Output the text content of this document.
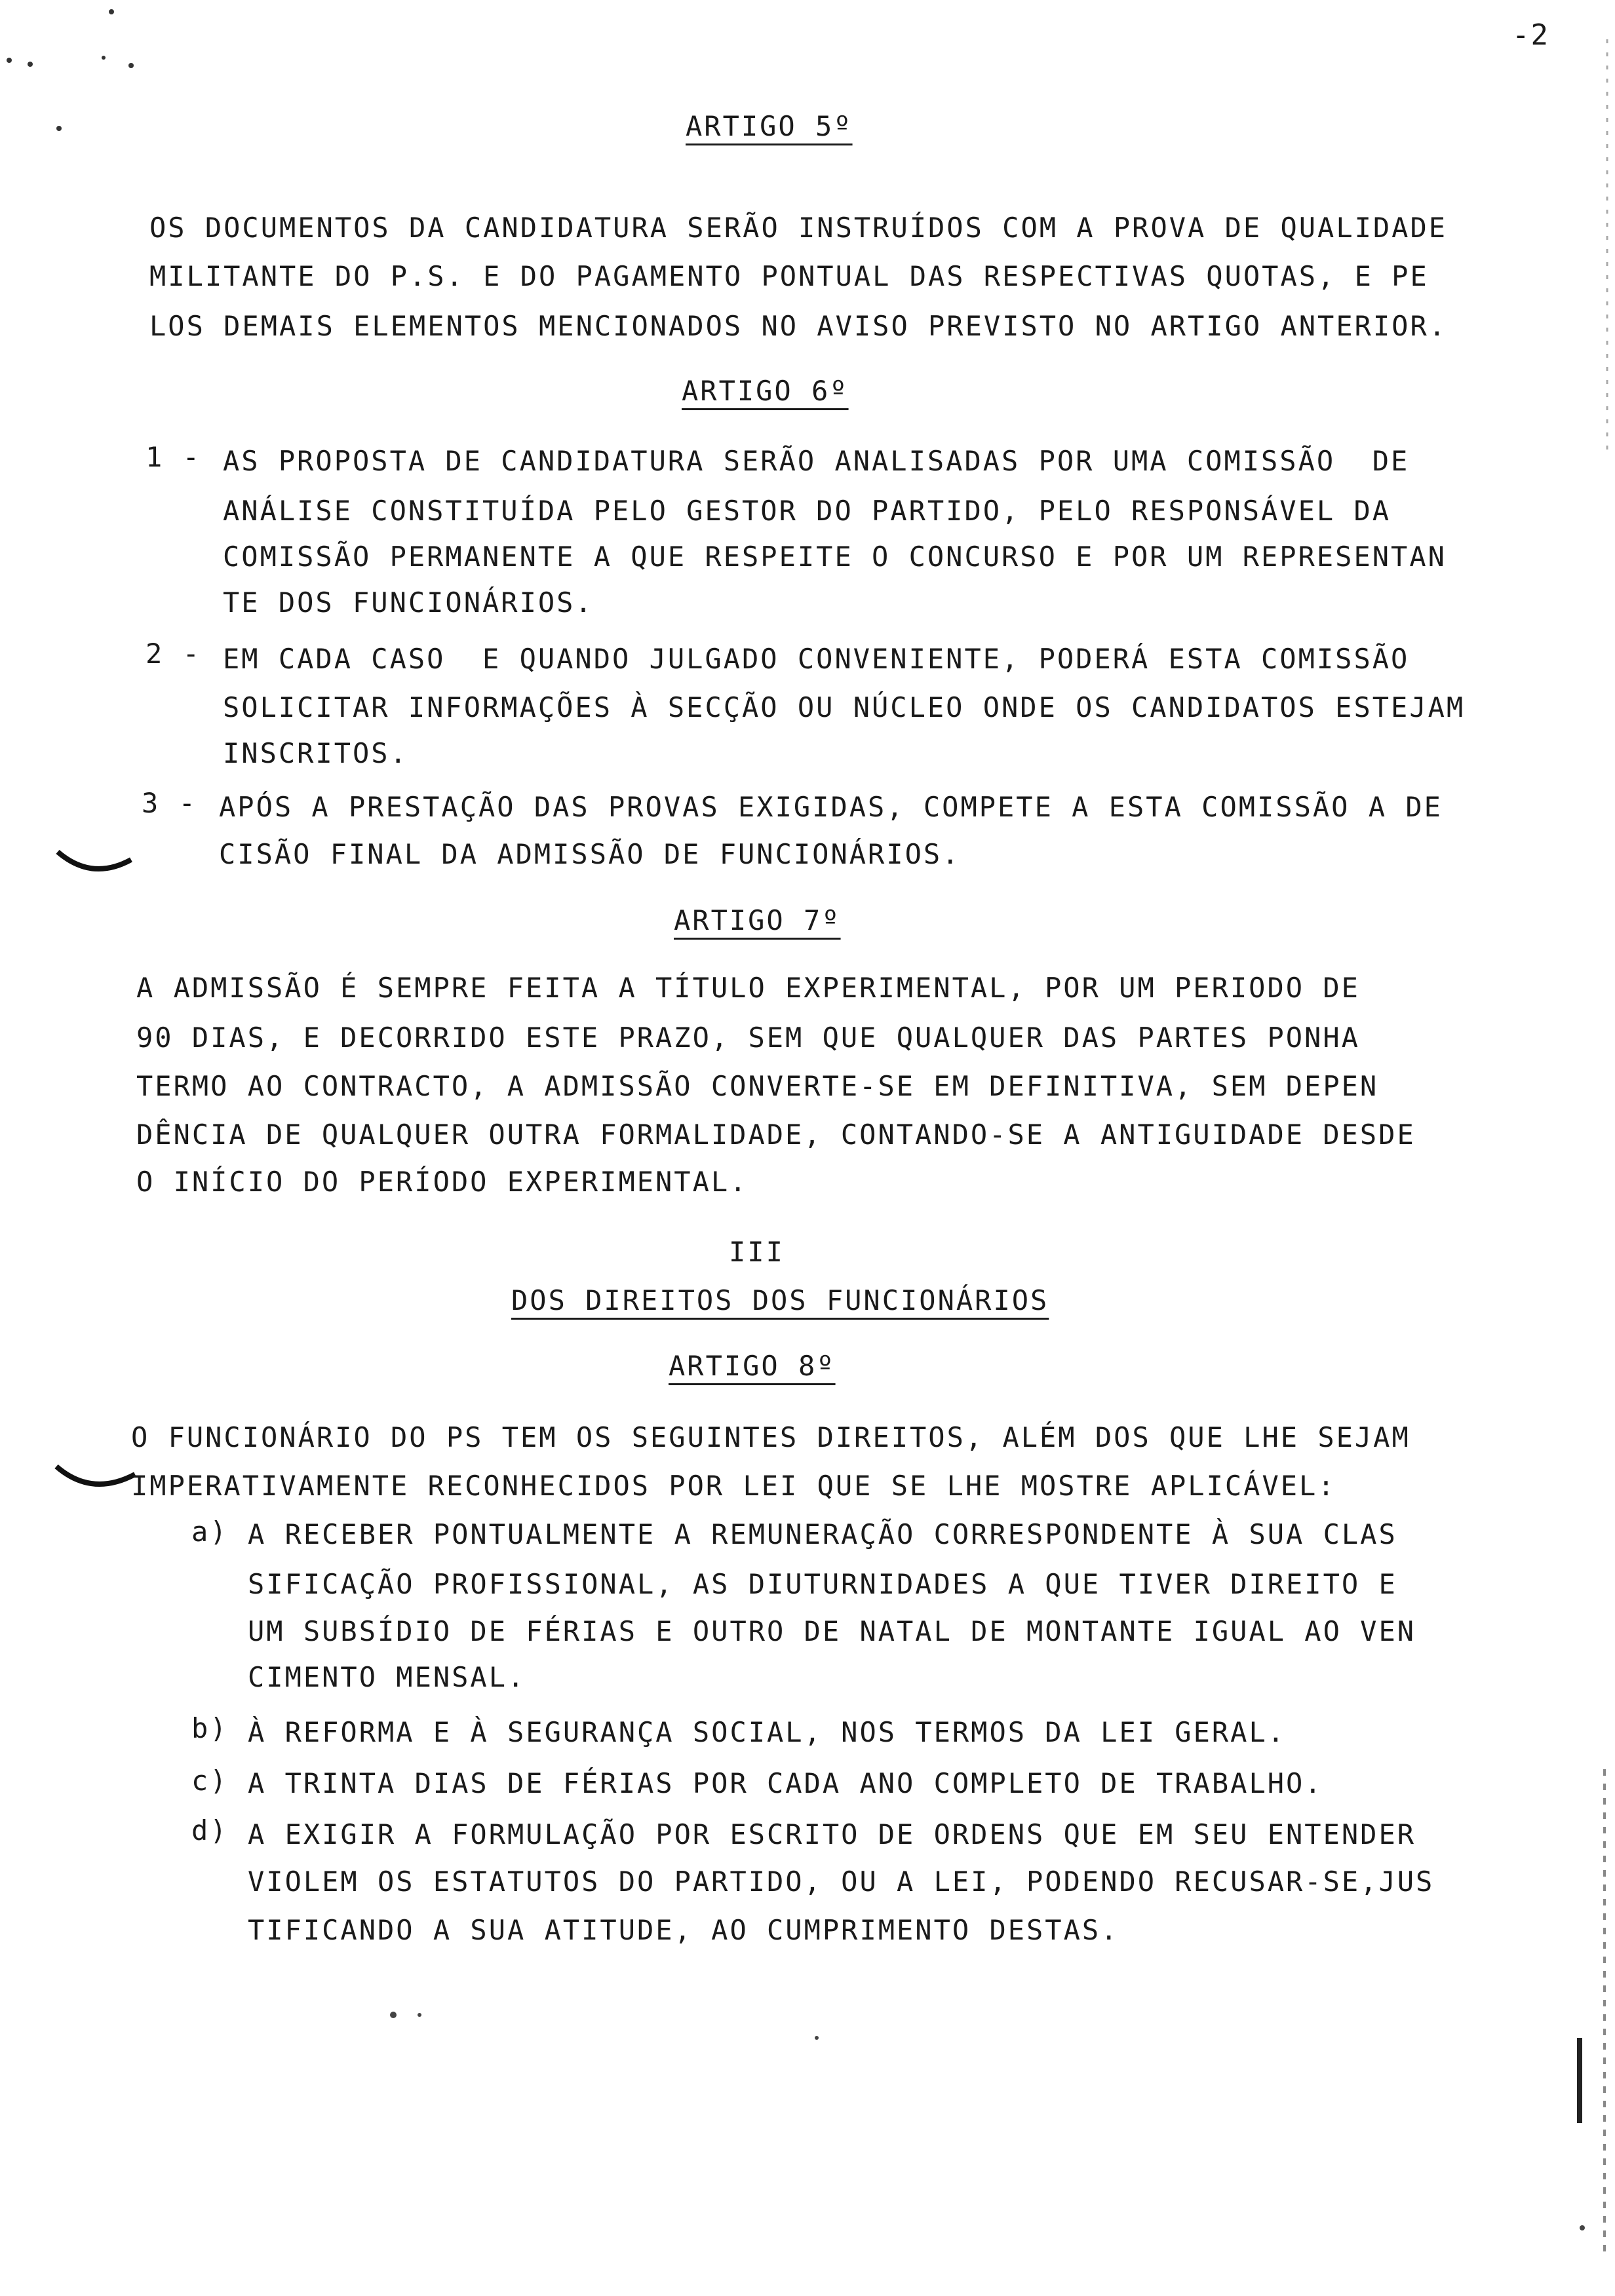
-2
ARTIGO 5º
OS DOCUMENTOS DA CANDIDATURA SERÃO INSTRUÍDOS COM A PROVA DE QUALIDADE
MILITANTE DO P.S. E DO PAGAMENTO PONTUAL DAS RESPECTIVAS QUOTAS, E PE
LOS DEMAIS ELEMENTOS MENCIONADOS NO AVISO PREVISTO NO ARTIGO ANTERIOR.
ARTIGO 6º
1 - AS PROPOSTA DE CANDIDATURA SERÃO ANALISADAS POR UMA COMISSÃO  DE
ANÁLISE CONSTITUÍDA PELO GESTOR DO PARTIDO, PELO RESPONSÁVEL DA
COMISSÃO PERMANENTE A QUE RESPEITE O CONCURSO E POR UM REPRESENTAN
TE DOS FUNCIONÁRIOS.
2 - EM CADA CASO  E QUANDO JULGADO CONVENIENTE, PODERÁ ESTA COMISSÃO
SOLICITAR INFORMAÇÕES À SECÇÃO OU NÚCLEO ONDE OS CANDIDATOS ESTEJAM
INSCRITOS.
3 - APÓS A PRESTAÇÃO DAS PROVAS EXIGIDAS, COMPETE A ESTA COMISSÃO A DE
CISÃO FINAL DA ADMISSÃO DE FUNCIONÁRIOS.
ARTIGO 7º
A ADMISSÃO É SEMPRE FEITA A TÍTULO EXPERIMENTAL, POR UM PERIODO DE
90 DIAS, E DECORRIDO ESTE PRAZO, SEM QUE QUALQUER DAS PARTES PONHA
TERMO AO CONTRACTO, A ADMISSÃO CONVERTE-SE EM DEFINITIVA, SEM DEPEN
DÊNCIA DE QUALQUER OUTRA FORMALIDADE, CONTANDO-SE A ANTIGUIDADE DESDE
O INÍCIO DO PERÍODO EXPERIMENTAL.
III
DOS DIREITOS DOS FUNCIONÁRIOS
ARTIGO 8º
O FUNCIONÁRIO DO PS TEM OS SEGUINTES DIREITOS, ALÉM DOS QUE LHE SEJAM
IMPERATIVAMENTE RECONHECIDOS POR LEI QUE SE LHE MOSTRE APLICÁVEL:
a) A RECEBER PONTUALMENTE A REMUNERAÇÃO CORRESPONDENTE À SUA CLAS
SIFICAÇÃO PROFISSIONAL, AS DIUTURNIDADES A QUE TIVER DIREITO E
UM SUBSÍDIO DE FÉRIAS E OUTRO DE NATAL DE MONTANTE IGUAL AO VEN
CIMENTO MENSAL.
b) À REFORMA E À SEGURANÇA SOCIAL, NOS TERMOS DA LEI GERAL.
c) A TRINTA DIAS DE FÉRIAS POR CADA ANO COMPLETO DE TRABALHO.
d) A EXIGIR A FORMULAÇÃO POR ESCRITO DE ORDENS QUE EM SEU ENTENDER
VIOLEM OS ESTATUTOS DO PARTIDO, OU A LEI, PODENDO RECUSAR-SE,JUS
TIFICANDO A SUA ATITUDE, AO CUMPRIMENTO DESTAS.
